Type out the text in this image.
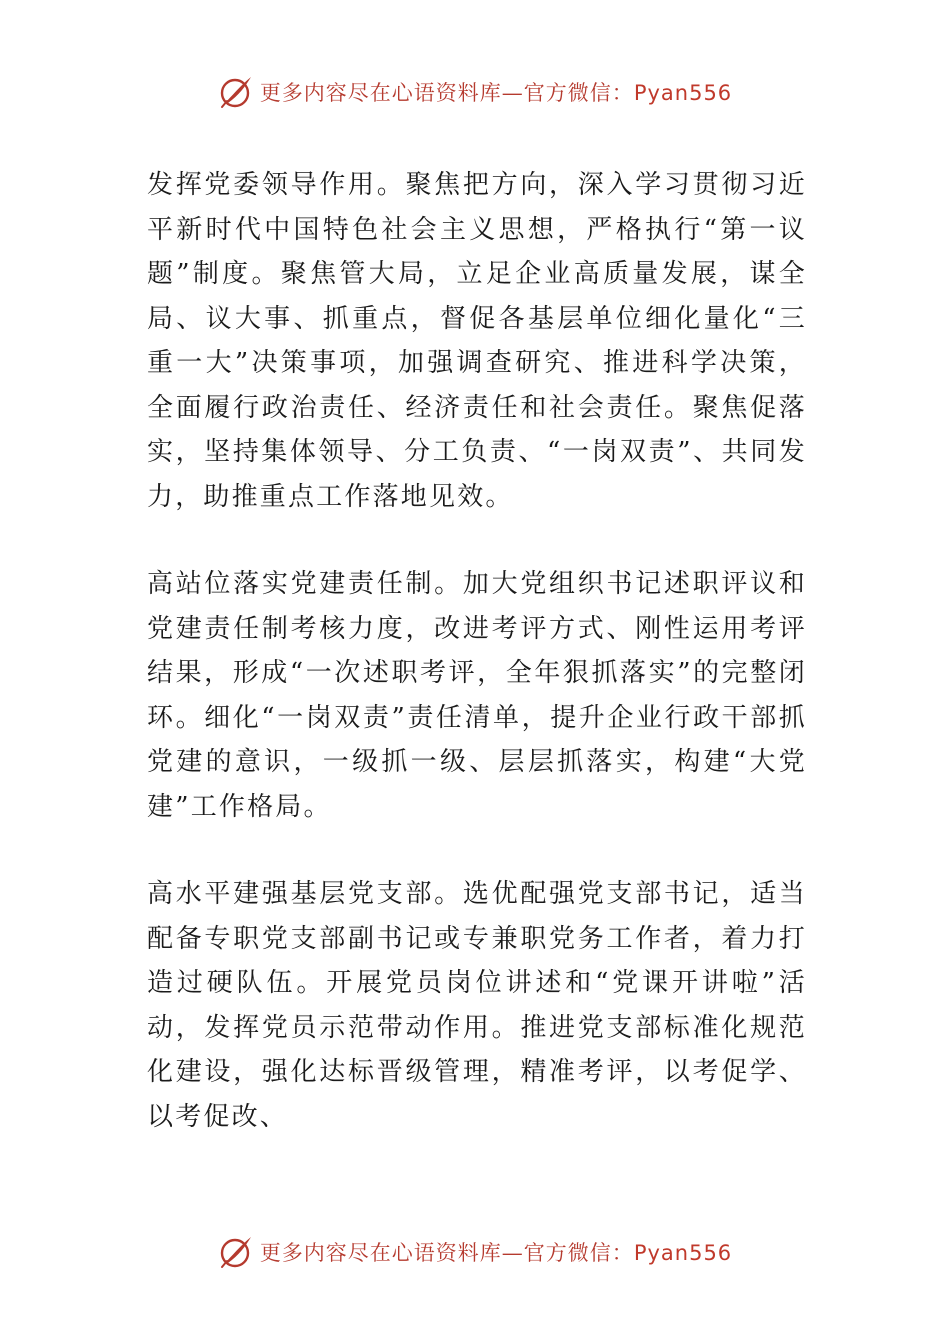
更多内容尽在心语资料库—官方微信：Pyan556

发挥党委领导作用。聚焦把方向，深入学习贯彻习近平新时代中国特色社会主义思想，严格执行“第一议题”制度。聚焦管大局，立足企业高质量发展，谋全局、议大事、抓重点，督促各基层单位细化量化“三重一大”决策事项，加强调查研究、推进科学决策，全面履行政治责任、经济责任和社会责任。聚焦促落实，坚持集体领导、分工负责、“一岗双责”、共同发力，助推重点工作落地见效。

高站位落实党建责任制。加大党组织书记述职评议和党建责任制考核力度，改进考评方式、刚性运用考评结果，形成“一次述职考评，全年狠抓落实”的完整闭环。细化“一岗双责”责任清单，提升企业行政干部抓党建的意识，一级抓一级、层层抓落实，构建“大党建”工作格局。

高水平建强基层党支部。选优配强党支部书记，适当配备专职党支部副书记或专兼职党务工作者，着力打造过硬队伍。开展党员岗位讲述和“党课开讲啦”活动，发挥党员示范带动作用。推进党支部标准化规范化建设，强化达标晋级管理，精准考评，以考促学、以考促改、

更多内容尽在心语资料库—官方微信：Pyan556
